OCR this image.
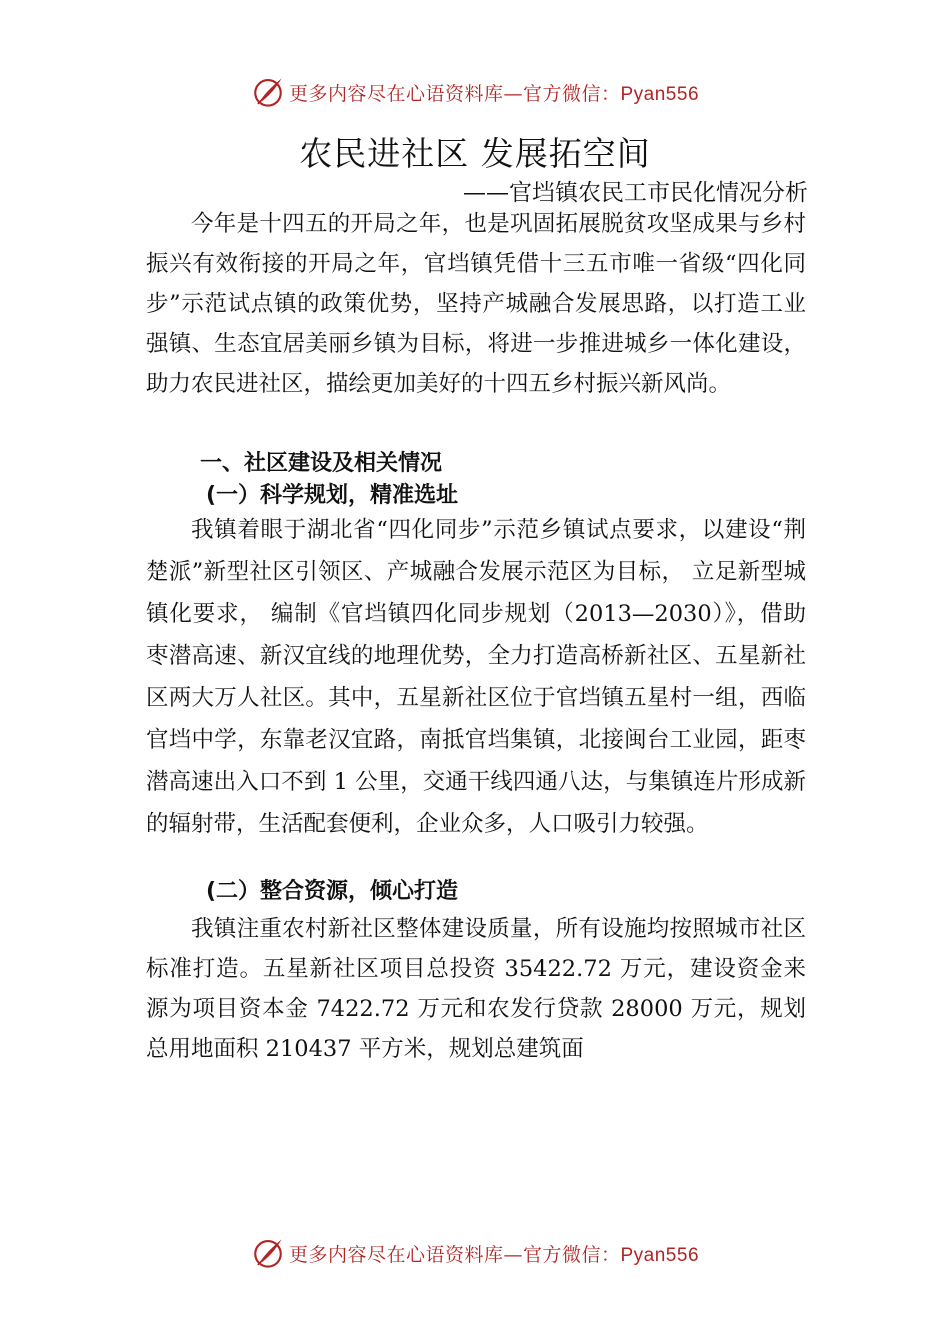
更多内容尽在心语资料库—官方微信：Pyan556
农民进社区 发展拓空间

——官垱镇农民工市民化情况分析

今年是十四五的开局之年，也是巩固拓展脱贫攻坚成果与乡村振兴有效衔接的开局之年，官垱镇凭借十三五市唯一省级“四化同步”示范试点镇的政策优势，坚持产城融合发展思路，以打造工业强镇、生态宜居美丽乡镇为目标，将进一步推进城乡一体化建设，助力农民进社区，描绘更加美好的十四五乡村振兴新风尚。

一、社区建设及相关情况
(一）科学规划，精准选址

我镇着眼于湖北省“四化同步”示范乡镇试点要求，以建设“荆楚派”新型社区引领区、产城融合发展示范区为目标， 立足新型城镇化要求， 编制《官垱镇四化同步规划（2013—2030）》，借助枣潜高速、新汉宜线的地理优势，全力打造高桥新社区、五星新社区两大万人社区。其中，五星新社区位于官垱镇五星村一组，西临官垱中学，东靠老汉宜路，南抵官垱集镇，北接闽台工业园，距枣潜高速出入口不到 1 公里，交通干线四通八达，与集镇连片形成新的辐射带，生活配套便利，企业众多，人口吸引力较强。

(二）整合资源，倾心打造

我镇注重农村新社区整体建设质量，所有设施均按照城市社区标准打造。五星新社区项目总投资 35422.72 万元，建设资金来源为项目资本金 7422.72 万元和农发行贷款 28000 万元，规划总用地面积 210437 平方米，规划总建筑面

更多内容尽在心语资料库—官方微信：Pyan556
